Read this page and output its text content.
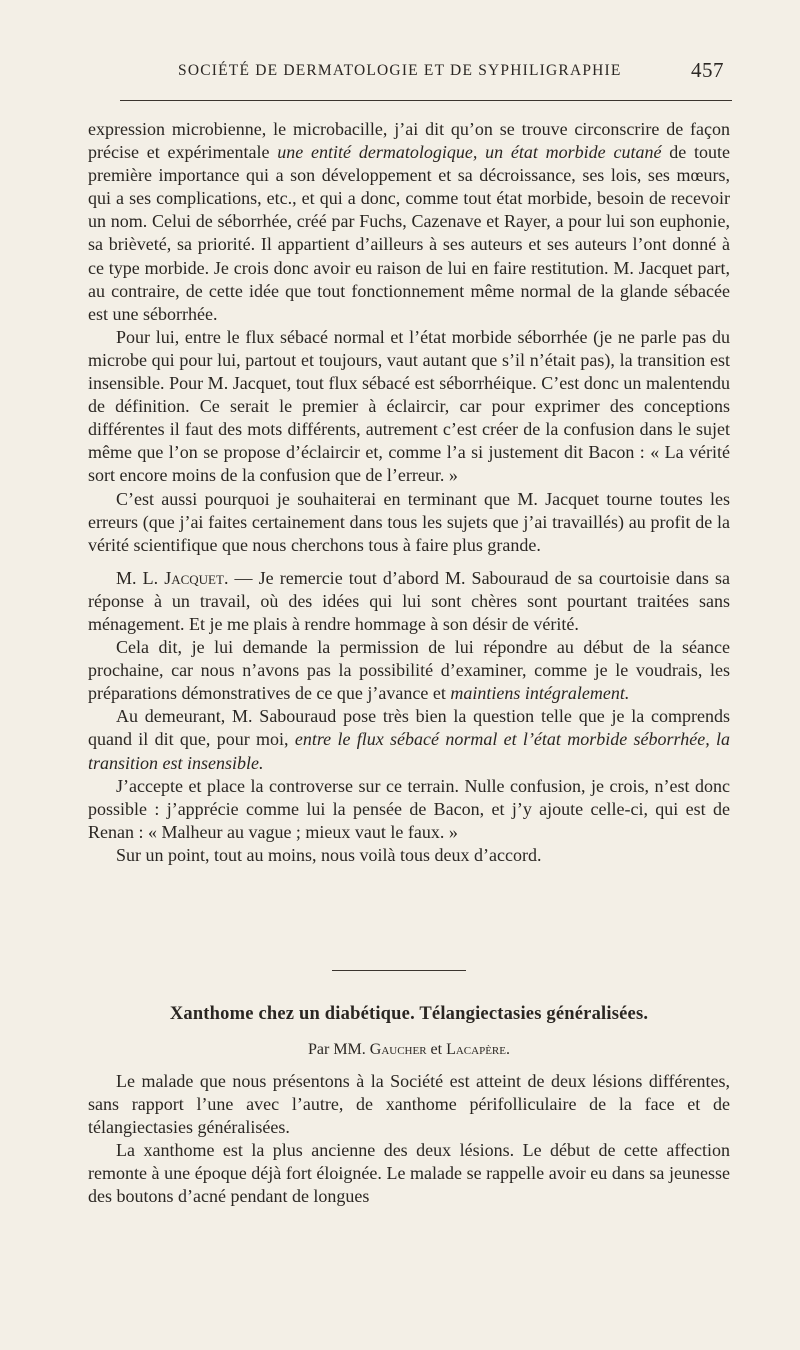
SOCIÉTÉ DE DERMATOLOGIE ET DE SYPHILIGRAPHIE	457

expression microbienne, le microbacille, j’ai dit qu’on se trouve circonscrire de façon précise et expérimentale une entité dermatologique, un état morbide cutané de toute première importance qui a son développement et sa décroissance, ses lois, ses mœurs, qui a ses complications, etc., et qui a donc, comme tout état morbide, besoin de recevoir un nom. Celui de séborrhée, créé par Fuchs, Cazenave et Rayer, a pour lui son euphonie, sa brièveté, sa priorité. Il appartient d’ailleurs à ses auteurs et ses auteurs l’ont donné à ce type morbide. Je crois donc avoir eu raison de lui en faire restitution. M. Jacquet part, au contraire, de cette idée que tout fonctionnement même normal de la glande sébacée est une séborrhée.

Pour lui, entre le flux sébacé normal et l’état morbide séborrhée (je ne parle pas du microbe qui pour lui, partout et toujours, vaut autant que s’il n’était pas), la transition est insensible. Pour M. Jacquet, tout flux sébacé est séborrhéique. C’est donc un malentendu de définition. Ce serait le premier à éclaircir, car pour exprimer des conceptions différentes il faut des mots différents, autrement c’est créer de la confusion dans le sujet même que l’on se propose d’éclaircir et, comme l’a si justement dit Bacon : « La vérité sort encore moins de la confusion que de l’erreur. »

C’est aussi pourquoi je souhaiterai en terminant que M. Jacquet tourne toutes les erreurs (que j’ai faites certainement dans tous les sujets que j’ai travaillés) au profit de la vérité scientifique que nous cherchons tous à faire plus grande.

M. L. Jacquet. — Je remercie tout d’abord M. Sabouraud de sa courtoisie dans sa réponse à un travail, où des idées qui lui sont chères sont pourtant traitées sans ménagement. Et je me plais à rendre hommage à son désir de vérité.

Cela dit, je lui demande la permission de lui répondre au début de la séance prochaine, car nous n’avons pas la possibilité d’examiner, comme je le voudrais, les préparations démonstratives de ce que j’avance et maintiens intégralement.

Au demeurant, M. Sabouraud pose très bien la question telle que je la comprends quand il dit que, pour moi, entre le flux sébacé normal et l’état morbide séborrhée, la transition est insensible.

J’accepte et place la controverse sur ce terrain. Nulle confusion, je crois, n’est donc possible : j’apprécie comme lui la pensée de Bacon, et j’y ajoute celle-ci, qui est de Renan : « Malheur au vague ; mieux vaut le faux. »

Sur un point, tout au moins, nous voilà tous deux d’accord.

Xanthome chez un diabétique. Télangiectasies généralisées.
Par MM. Gaucher et Lacapère.

Le malade que nous présentons à la Société est atteint de deux lésions différentes, sans rapport l’une avec l’autre, de xanthome périfolliculaire de la face et de télangiectasies généralisées.

La xanthome est la plus ancienne des deux lésions. Le début de cette affection remonte à une époque déjà fort éloignée. Le malade se rappelle avoir eu dans sa jeunesse des boutons d’acné pendant de longues
